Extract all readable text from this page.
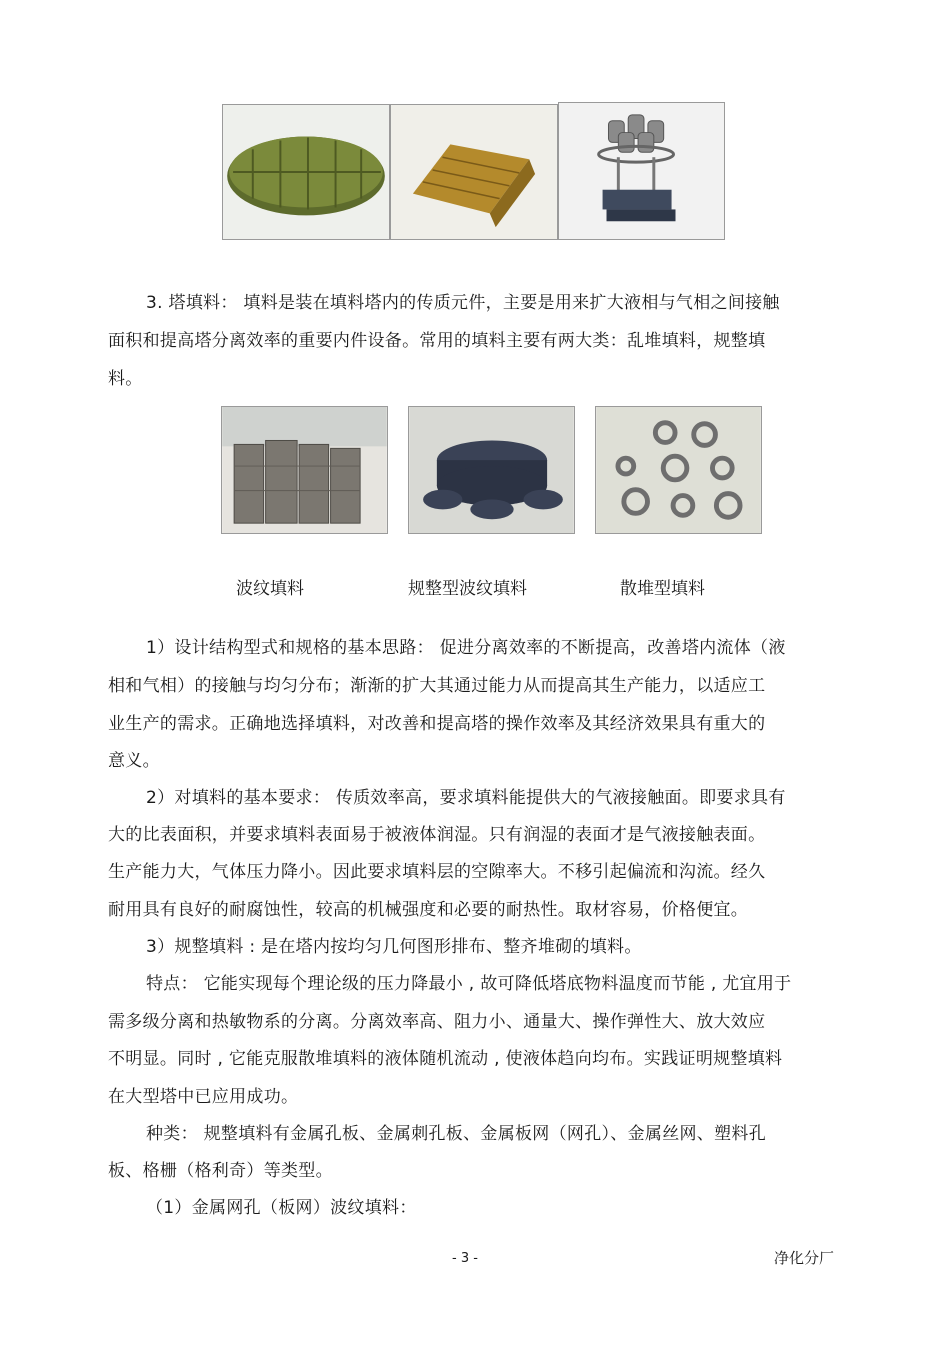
3. 塔填料： 填料是装在填料塔内的传质元件，主要是用来扩大液相与气相之间接触
面积和提高塔分离效率的重要内件设备。常用的填料主要有两大类：乱堆填料，规整填
料。
波纹填料	规整型波纹填料	散堆型填料
1）设计结构型式和规格的基本思路： 促进分离效率的不断提高，改善塔内流体（液
相和气相）的接触与均匀分布；渐渐的扩大其通过能力从而提高其生产能力，以适应工
业生产的需求。正确地选择填料，对改善和提高塔的操作效率及其经济效果具有重大的
意义。
2）对填料的基本要求： 传质效率高，要求填料能提供大的气液接触面。即要求具有
大的比表面积，并要求填料表面易于被液体润湿。只有润湿的表面才是气液接触表面。
生产能力大，气体压力降小。因此要求填料层的空隙率大。不移引起偏流和沟流。经久
耐用具有良好的耐腐蚀性，较高的机械强度和必要的耐热性。取材容易，价格便宜。
3）规整填料 : 是在塔内按均匀几何图形排布、整齐堆砌的填料。
特点： 它能实现每个理论级的压力降最小 , 故可降低塔底物料温度而节能 , 尤宜用于
需多级分离和热敏物系的分离。分离效率高、阻力小、通量大、操作弹性大、放大效应
不明显。同时 , 它能克服散堆填料的液体随机流动 , 使液体趋向均布。实践证明规整填料
在大型塔中已应用成功。
种类： 规整填料有金属孔板、金属刺孔板、金属板网（网孔）、金属丝网、塑料孔
板、格栅（格利奇）等类型。
（1）金属网孔（板网）波纹填料：
- 3 -	净化分厂
